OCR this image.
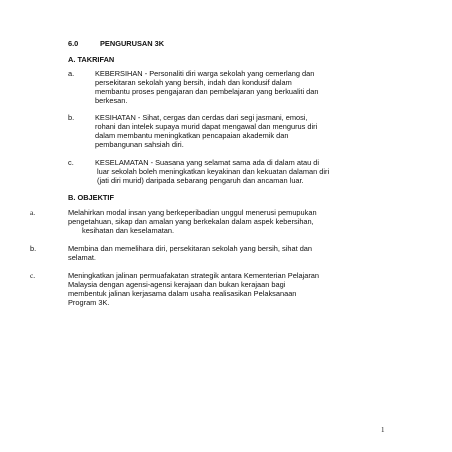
6.0	PENGURUSAN 3K
A. TAKRIFAN
a.	KEBERSIHAN - Personaliti diri warga sekolah yang cemerlang dan
persekitaran sekolah yang bersih, indah dan kondusif dalam
membantu proses pengajaran dan pembelajaran yang berkualiti dan
berkesan.
b.	KESIHATAN - Sihat, cergas dan cerdas dari segi jasmani, emosi,
rohani dan intelek supaya murid dapat mengawal dan mengurus diri
dalam membantu meningkatkan pencapaian akademik dan
pembangunan sahsiah diri.
c.	KESELAMATAN - Suasana yang selamat sama ada di dalam atau di
luar sekolah boleh meningkatkan keyakinan dan kekuatan dalaman diri
(jati diri murid) daripada sebarang pengaruh dan ancaman luar.
B. OBJEKTIF
a.	Melahirkan modal insan yang berkeperibadian unggul menerusi pemupukan
pengetahuan, sikap dan amalan yang berkekalan dalam aspek kebersihan,
kesihatan dan keselamatan.
b.	Membina dan memelihara diri, persekitaran sekolah yang bersih, sihat dan
selamat.
c.	Meningkatkan jalinan permuafakatan strategik antara Kementerian Pelajaran
Malaysia dengan agensi-agensi kerajaan dan bukan kerajaan bagi
membentuk jalinan kerjasama dalam usaha realisasikan Pelaksanaan
Program 3K.
1
